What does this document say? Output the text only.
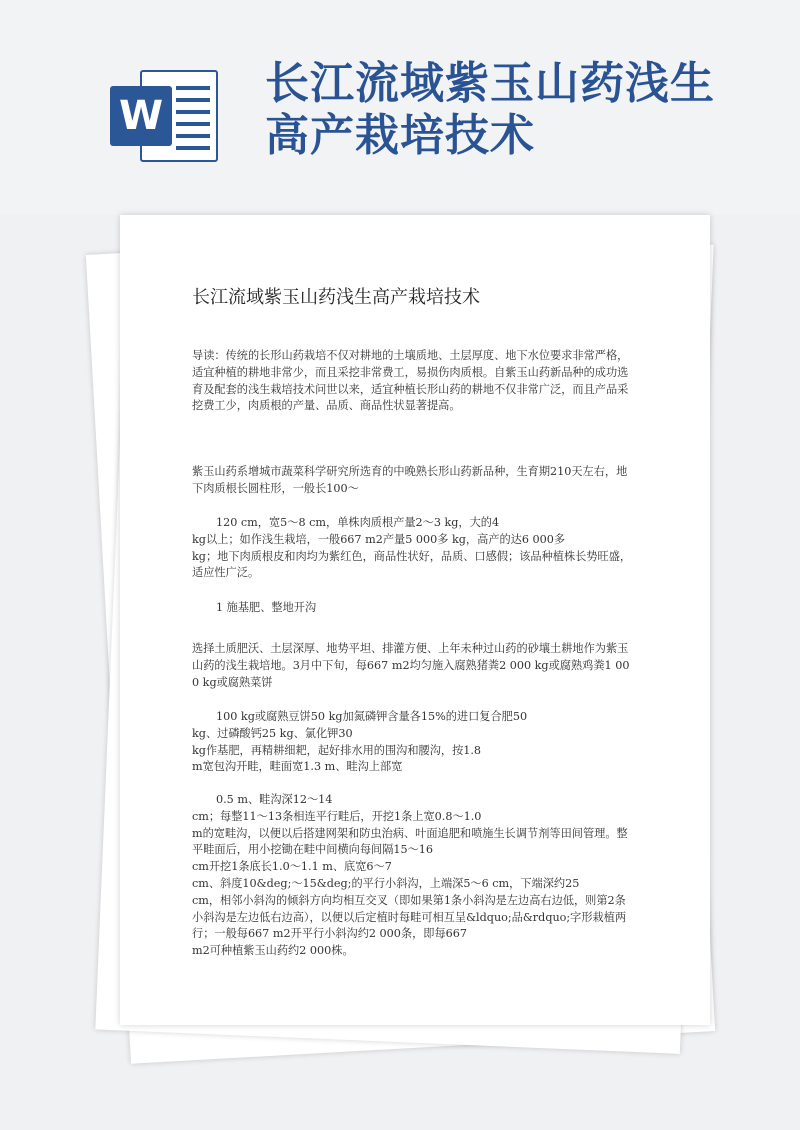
W
长江流域紫玉山药浅生高产栽培技术
长江流域紫玉山药浅生高产栽培技术
导读：传统的长形山药栽培不仅对耕地的土壤质地、土层厚度、地下水位要求非常严格，适宜种植的耕地非常少，而且采挖非常费工，易损伤肉质根。自紫玉山药新品种的成功选育及配套的浅生栽培技术问世以来，适宜种植长形山药的耕地不仅非常广泛，而且产品采挖费工少，肉质根的产量、品质、商品性状显著提高。
紫玉山药系增城市蔬菜科学研究所选育的中晚熟长形山药新品种，生育期210天左右，地下肉质根长圆柱形，一般长100～
120 cm，宽5～8 cm，单株肉质根产量2～3 kg，大的4
kg以上；如作浅生栽培，一般667 m2产量5 000多 kg，高产的达6 000多
kg；地下肉质根皮和肉均为紫红色，商品性状好，品质、口感假；该品种植株长势旺盛，适应性广泛。
1 施基肥、整地开沟
选择土质肥沃、土层深厚、地势平坦、排灌方便、上年未种过山药的砂壤土耕地作为紫玉山药的浅生栽培地。3月中下旬，每667 m2均匀施入腐熟猪粪2 000 kg或腐熟鸡粪1 000 kg或腐熟菜饼
100 kg或腐熟豆饼50 kg加氮磷钾含量各15%的进口复合肥50
kg、过磷酸钙25 kg、氯化钾30
kg作基肥，再精耕细耙，起好排水用的围沟和腰沟，按1.8
m宽包沟开畦，畦面宽1.3 m、畦沟上部宽
0.5 m、畦沟深12～14
cm；每整11～13条相连平行畦后，开挖1条上宽0.8～1.0
m的宽畦沟，以便以后搭建网架和防虫治病、叶面追肥和喷施生长调节剂等田间管理。整平畦面后，用小挖锄在畦中间横向每间隔15～16
cm开挖1条底长1.0～1.1 m、底宽6～7
cm、斜度10&deg;～15&deg;的平行小斜沟，上端深5～6 cm，下端深约25
cm，相邻小斜沟的倾斜方向均相互交叉（即如果第1条小斜沟是左边高右边低，则第2条小斜沟是左边低右边高），以便以后定植时每畦可相互呈&ldquo;品&rdquo;字形栽植两行；一般每667 m2开平行小斜沟约2 000条，即每667
m2可种植紫玉山药约2 000株。
